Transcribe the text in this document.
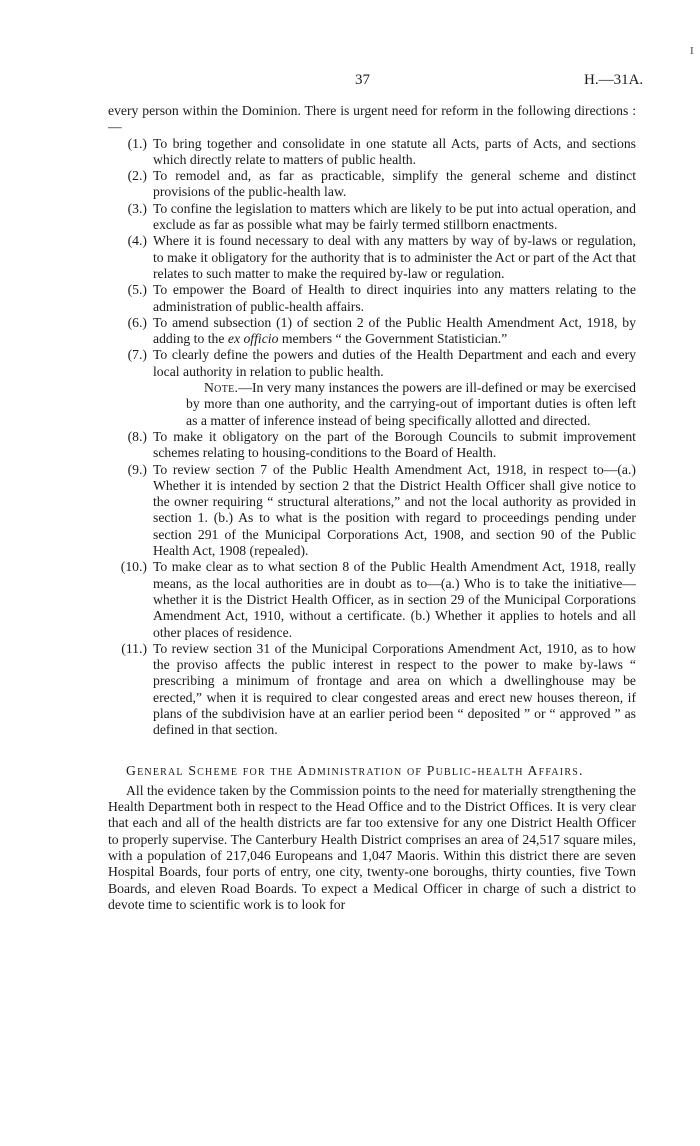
37	H.—31A.
I

every person within the Dominion. There is urgent need for reform in the following directions :—

(1.) To bring together and consolidate in one statute all Acts, parts of Acts, and sections which directly relate to matters of public health.
(2.) To remodel and, as far as practicable, simplify the general scheme and distinct provisions of the public-health law.
(3.) To confine the legislation to matters which are likely to be put into actual operation, and exclude as far as possible what may be fairly termed stillborn enactments.
(4.) Where it is found necessary to deal with any matters by way of by-laws or regulation, to make it obligatory for the authority that is to administer the Act or part of the Act that relates to such matter to make the required by-law or regulation.
(5.) To empower the Board of Health to direct inquiries into any matters relating to the administration of public-health affairs.
(6.) To amend subsection (1) of section 2 of the Public Health Amendment Act, 1918, by adding to the ex officio members “ the Government Statistician.”
(7.) To clearly define the powers and duties of the Health Department and each and every local authority in relation to public health.

Note.—In very many instances the powers are ill-defined or may be exercised by more than one authority, and the carrying-out of important duties is often left as a matter of inference instead of being specifically allotted and directed.

(8.) To make it obligatory on the part of the Borough Councils to submit improvement schemes relating to housing-conditions to the Board of Health.
(9.) To review section 7 of the Public Health Amendment Act, 1918, in respect to—(a.) Whether it is intended by section 2 that the District Health Officer shall give notice to the owner requiring “ structural alterations,” and not the local authority as provided in section 1. (b.) As to what is the position with regard to proceedings pending under section 291 of the Municipal Corporations Act, 1908, and section 90 of the Public Health Act, 1908 (repealed).
(10.) To make clear as to what section 8 of the Public Health Amendment Act, 1918, really means, as the local authorities are in doubt as to—(a.) Who is to take the initiative—whether it is the District Health Officer, as in section 29 of the Municipal Corporations Amendment Act, 1910, without a certificate. (b.) Whether it applies to hotels and all other places of residence.
(11.) To review section 31 of the Municipal Corporations Amendment Act, 1910, as to how the proviso affects the public interest in respect to the power to make by-laws “ prescribing a minimum of frontage and area on which a dwellinghouse may be erected,” when it is required to clear congested areas and erect new houses thereon, if plans of the subdivision have at an earlier period been “ deposited ” or “ approved ” as defined in that section.
General Scheme for the Administration of Public-health Affairs.

All the evidence taken by the Commission points to the need for materially strengthening the Health Department both in respect to the Head Office and to the District Offices. It is very clear that each and all of the health districts are far too extensive for any one District Health Officer to properly supervise. The Canterbury Health District comprises an area of 24,517 square miles, with a population of 217,046 Europeans and 1,047 Maoris. Within this district there are seven Hospital Boards, four ports of entry, one city, twenty-one boroughs, thirty counties, five Town Boards, and eleven Road Boards. To expect a Medical Officer in charge of such a district to devote time to scientific work is to look for
